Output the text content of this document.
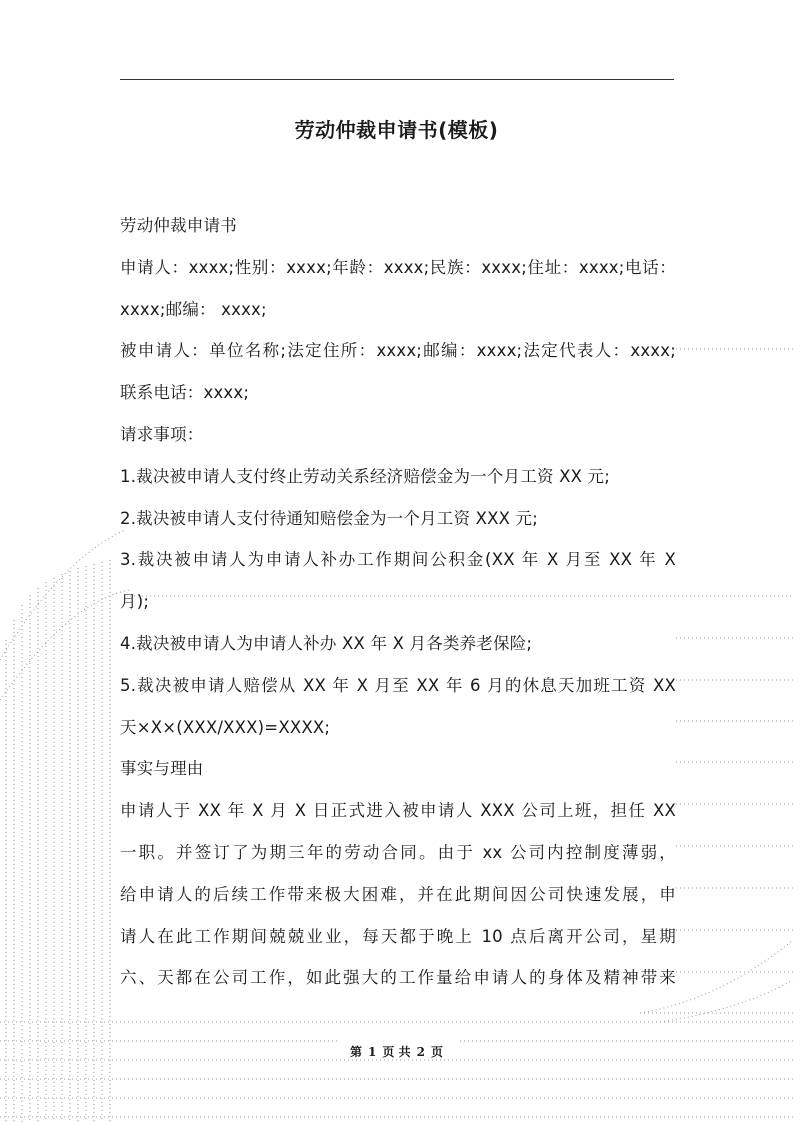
劳动仲裁申请书(模板)
劳动仲裁申请书
申请人：xxxx;性别：xxxx;年龄：xxxx;民族：xxxx;住址：xxxx;电话：
xxxx;邮编： xxxx;
被申请人：单位名称;法定住所：xxxx;邮编：xxxx;法定代表人：xxxx;
联系电话：xxxx;
请求事项：
1.裁决被申请人支付终止劳动关系经济赔偿金为一个月工资 XX 元;
2.裁决被申请人支付待通知赔偿金为一个月工资 XXX 元;
3.裁决被申请人为申请人补办工作期间公积金(XX 年 X 月至 XX 年 X
月);
4.裁决被申请人为申请人补办 XX 年 X 月各类养老保险;
5.裁决被申请人赔偿从 XX 年 X 月至 XX 年 6 月的休息天加班工资 XX
天×X×(XXX/XXX)=XXXX;
事实与理由
申请人于 XX 年 X 月 X 日正式进入被申请人 XXX 公司上班，担任 XX
一职。并签订了为期三年的劳动合同。由于 xx 公司内控制度薄弱，
给申请人的后续工作带来极大困难，并在此期间因公司快速发展，申
请人在此工作期间兢兢业业，每天都于晚上 10 点后离开公司，星期
六、天都在公司工作，如此强大的工作量给申请人的身体及精神带来
第 1 页 共 2 页
